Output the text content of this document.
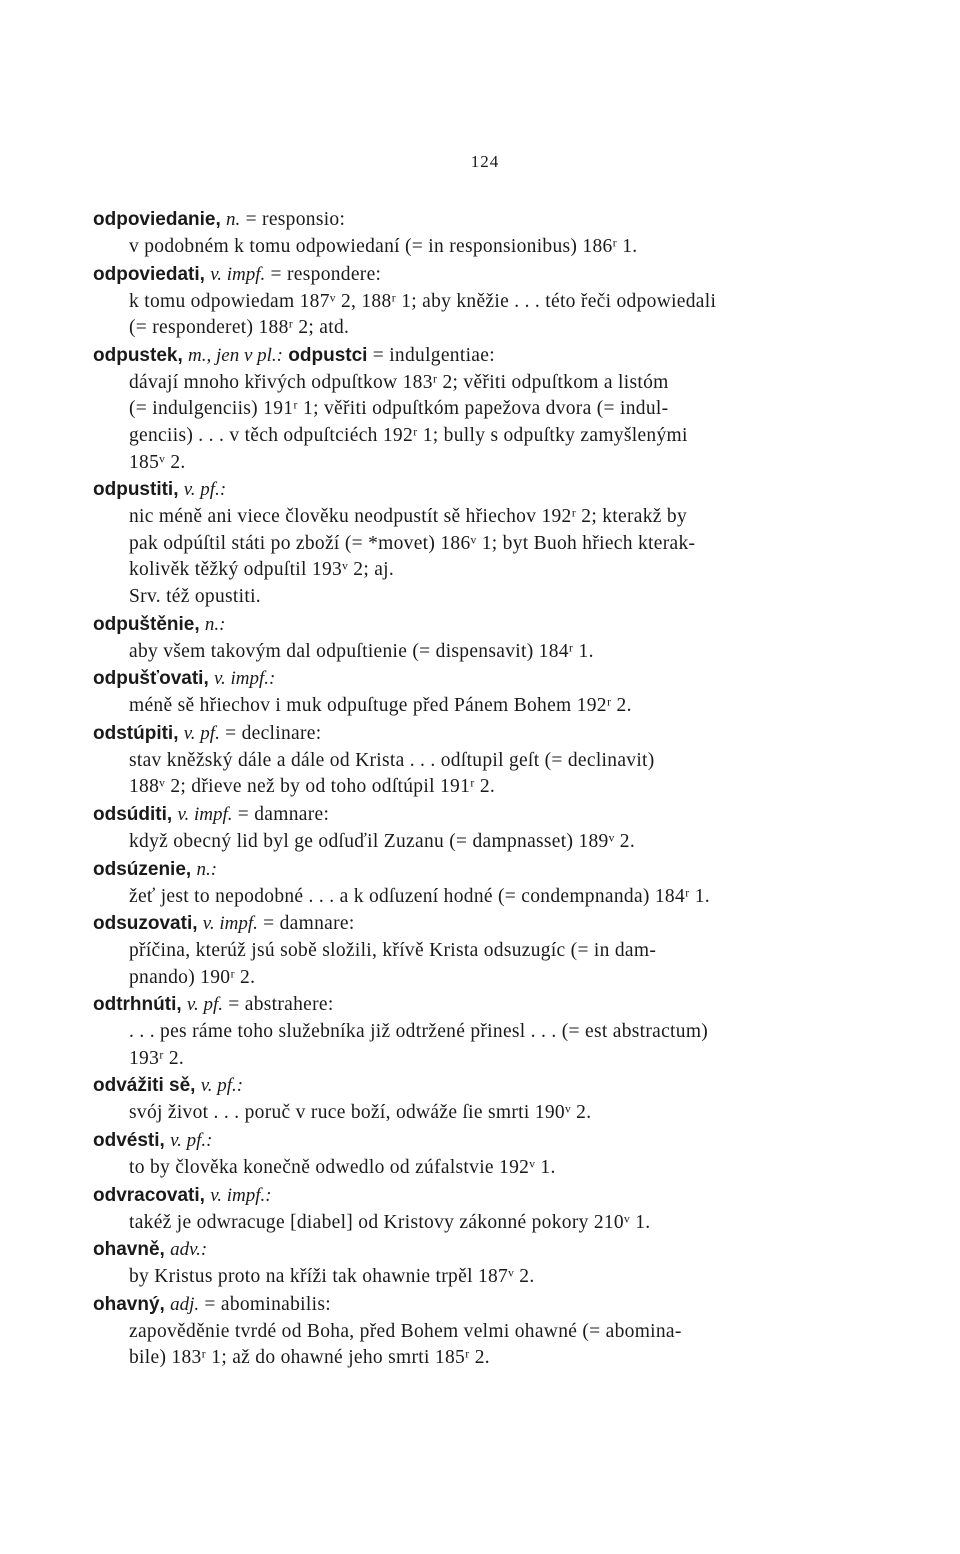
124
odpoviedanie, n. = responsio:

v podobném k tomu odpowiedaní (= in responsionibus) 186ʳ 1.

odpoviedati, v. impf. = respondere:

k tomu odpowiedam 187ᵛ 2, 188ʳ 1; aby kněžie . . . této řeči odpowiedali

(= responderet) 188ʳ 2; atd.

odpustek, m., jen v pl.: odpustci = indulgentiae:

dávají mnoho křivých odpuſtkow 183ʳ 2; věřiti odpuſtkom a listóm

(= indulgenciis) 191ʳ 1; věřiti odpuſtkóm papežova dvora (= indul-

genciis) . . . v těch odpuſtciéch 192ʳ 1; bully s odpuſtky zamyšlenými

185ᵛ 2.

odpustiti, v. pf.:

nic méně ani viece člověku neodpustít sě hřiechov 192ʳ 2; kterakž by

pak odpúſtil státi po zboží (= *movet) 186ᵛ 1; byt Buoh hřiech kterak-

kolivěk těžký odpuſtil 193ᵛ 2; aj.

Srv. též opustiti.

odpuštěnie, n.:

aby všem takovým dal odpuſtienie (= dispensavit) 184ʳ 1.

odpušťovati, v. impf.:

méně sě hřiechov i muk odpuſtuge před Pánem Bohem 192ʳ 2.

odstúpiti, v. pf. = declinare:

stav kněžský dále a dále od Krista . . . odſtupil geſt (= declinavit)

188ᵛ 2; dřieve než by od toho odſtúpil 191ʳ 2.

odsúditi, v. impf. = damnare:

když obecný lid byl ge odſuďil Zuzanu (= dampnasset) 189ᵛ 2.

odsúzenie, n.:

žeť jest to nepodobné . . . a k odſuzení hodné (= condempnanda) 184ʳ 1.

odsuzovati, v. impf. = damnare:

příčina, kterúž jsú sobě složili, křívě Krista odsuzugíc (= in dam-

pnando) 190ʳ 2.

odtrhnúti, v. pf. = abstrahere:

. . . pes ráme toho služebníka již odtržené přinesl . . . (= est abstractum)

193ʳ 2.

odvážiti sě, v. pf.:

svój život . . . poruč v ruce boží, odwáže ſie smrti 190ᵛ 2.

odvésti, v. pf.:

to by člověka konečně odwedlo od zúfalstvie 192ᵛ 1.

odvracovati, v. impf.:

takéž je odwracuge [diabel] od Kristovy zákonné pokory 210ᵛ 1.

ohavně, adv.:

by Kristus proto na kříži tak ohawnie trpěl 187ᵛ 2.

ohavný, adj. = abominabilis:

zapověděnie tvrdé od Boha, před Bohem velmi ohawné (= abomina-

bile) 183ʳ 1; až do ohawné jeho smrti 185ʳ 2.
